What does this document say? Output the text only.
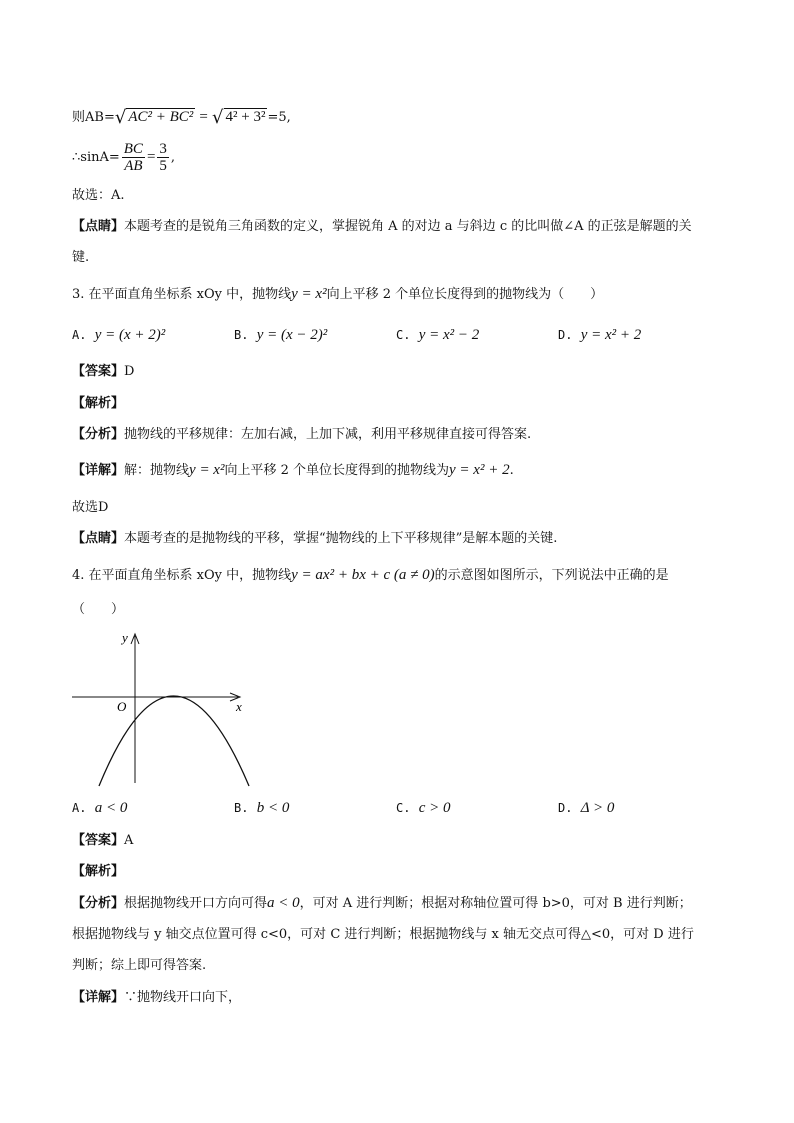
则AB=√ AC² + BC² = √ 4² + 3² =5,
∴sinA= $\frac{BC}{AB} = \frac{3}{5}$ ,
故选：A.
【点睛】本题考查的是锐角三角函数的定义，掌握锐角 A 的对边 a 与斜边 c 的比叫做∠A 的正弦是解题的关
键.
3. 在平面直角坐标系 xOy 中，抛物线y = x²向上平移 2 个单位长度得到的抛物线为（　　）
A. y = (x + 2)²	B. y = (x − 2)²	C. y = x² − 2	D. y = x² + 2
【答案】D
【解析】
【分析】抛物线的平移规律：左加右减，上加下减，利用平移规律直接可得答案.
【详解】解：抛物线y = x²向上平移 2 个单位长度得到的抛物线为y = x² + 2.
故选D
【点睛】本题考查的是抛物线的平移，掌握“抛物线的上下平移规律”是解本题的关键.
4. 在平面直角坐标系 xOy 中，抛物线y = ax² + bx + c (a ≠ 0)的示意图如图所示，下列说法中正确的是
（　　）
y
x
O
A. a < 0	B. b < 0	C. c > 0	D. Δ > 0
【答案】A
【解析】
【分析】根据抛物线开口方向可得a < 0，可对 A 进行判断；根据对称轴位置可得 b>0，可对 B 进行判断；
根据抛物线与 y 轴交点位置可得 c<0，可对 C 进行判断；根据抛物线与 x 轴无交点可得△<0，可对 D 进行
判断；综上即可得答案.
【详解】∵抛物线开口向下，
